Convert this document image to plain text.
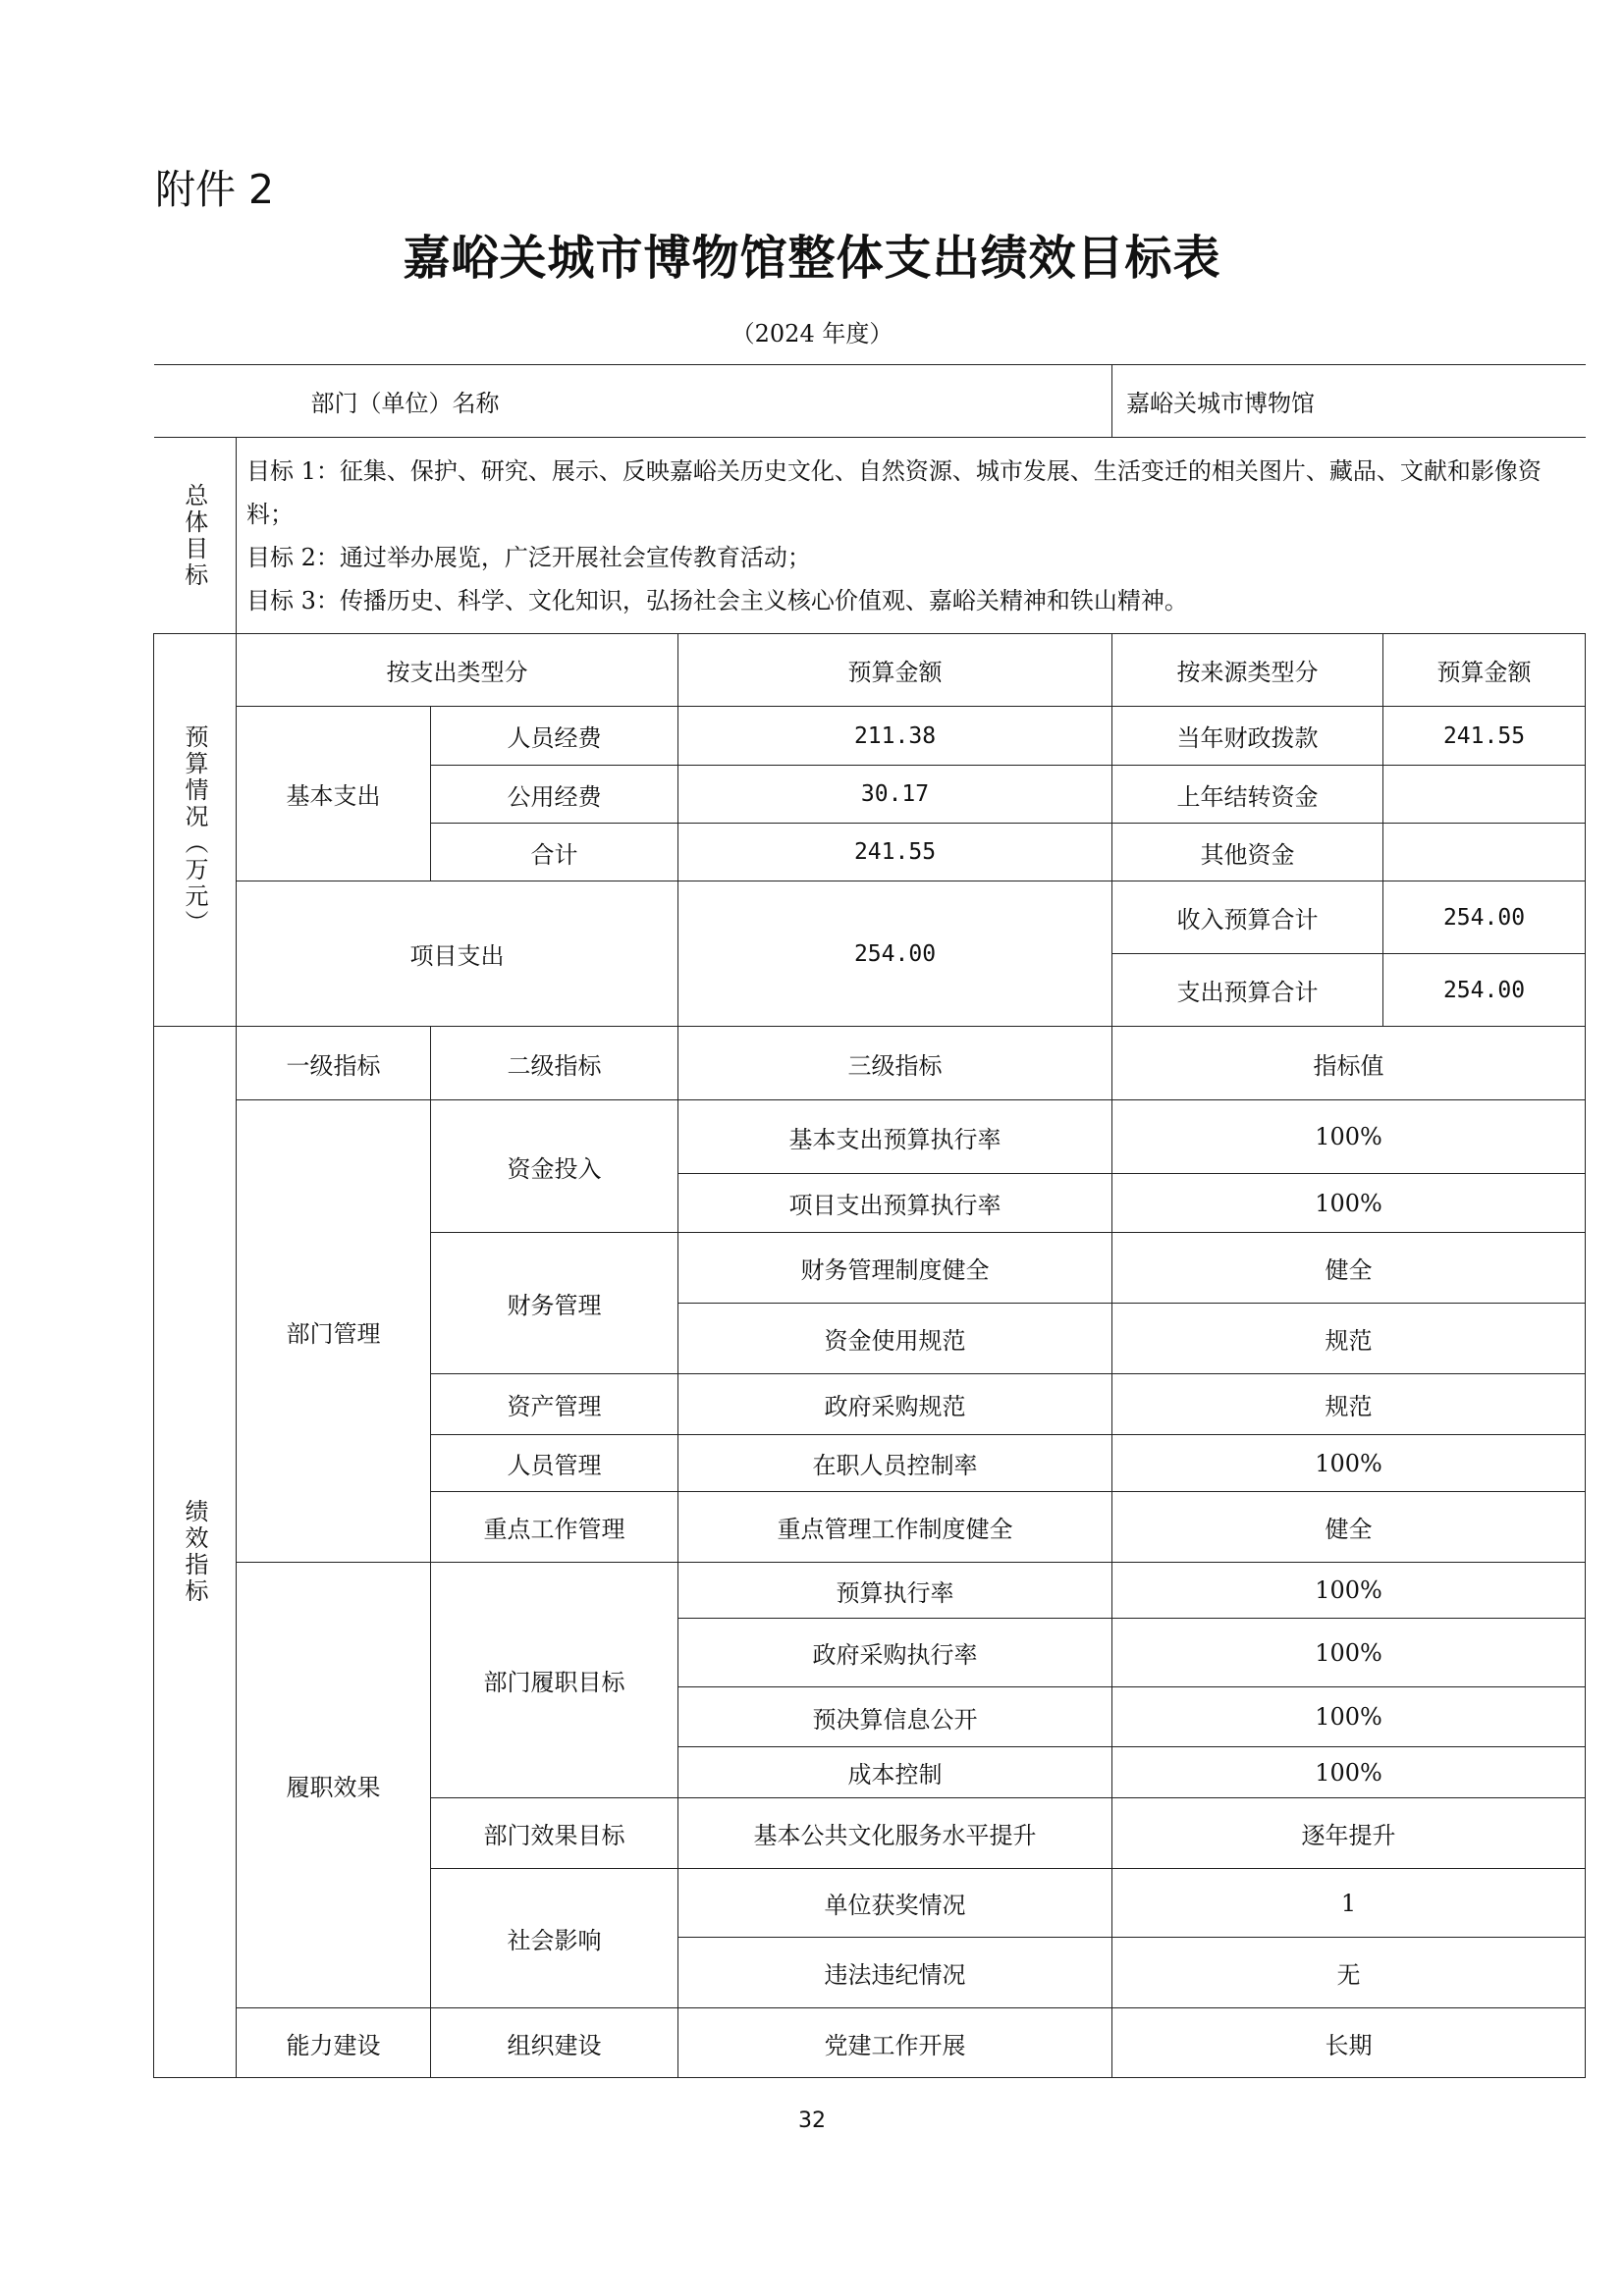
附件 2
嘉峪关城市博物馆整体支出绩效目标表
（2024 年度）
部门（单位）名称				嘉峪关城市博物馆	

总体目标	目标 1：征集、保护、研究、展示、反映嘉峪关历史文化、自然资源、城市发展、生活变迁的相关图片、藏品、文献和影像资料；
目标 2：通过举办展览，广泛开展社会宣传教育活动；
目标 3：传播历史、科学、文化知识，弘扬社会主义核心价值观、嘉峪关精神和铁山精神。				

预算情况（万元）	按支出类型分		预算金额	按来源类型分	预算金额
	基本支出	人员经费	211.38	当年财政拨款	241.55
		公用经费	30.17	上年结转资金	
		合计	241.55	其他资金	
	项目支出		254.00	收入预算合计	254.00
				支出预算合计	254.00

绩效指标	一级指标	二级指标	三级指标	指标值	
	部门管理	资金投入	基本支出预算执行率	100%	
			项目支出预算执行率	100%	
		财务管理	财务管理制度健全	健全	
			资金使用规范	规范	
		资产管理	政府采购规范	规范	
		人员管理	在职人员控制率	100%	
		重点工作管理	重点管理工作制度健全	健全	
	履职效果	部门履职目标	预算执行率	100%	
			政府采购执行率	100%	
			预决算信息公开	100%	
			成本控制	100%	
		部门效果目标	基本公共文化服务水平提升	逐年提升	
		社会影响	单位获奖情况	1	
			违法违纪情况	无	
	能力建设	组织建设	党建工作开展	长期	
32
